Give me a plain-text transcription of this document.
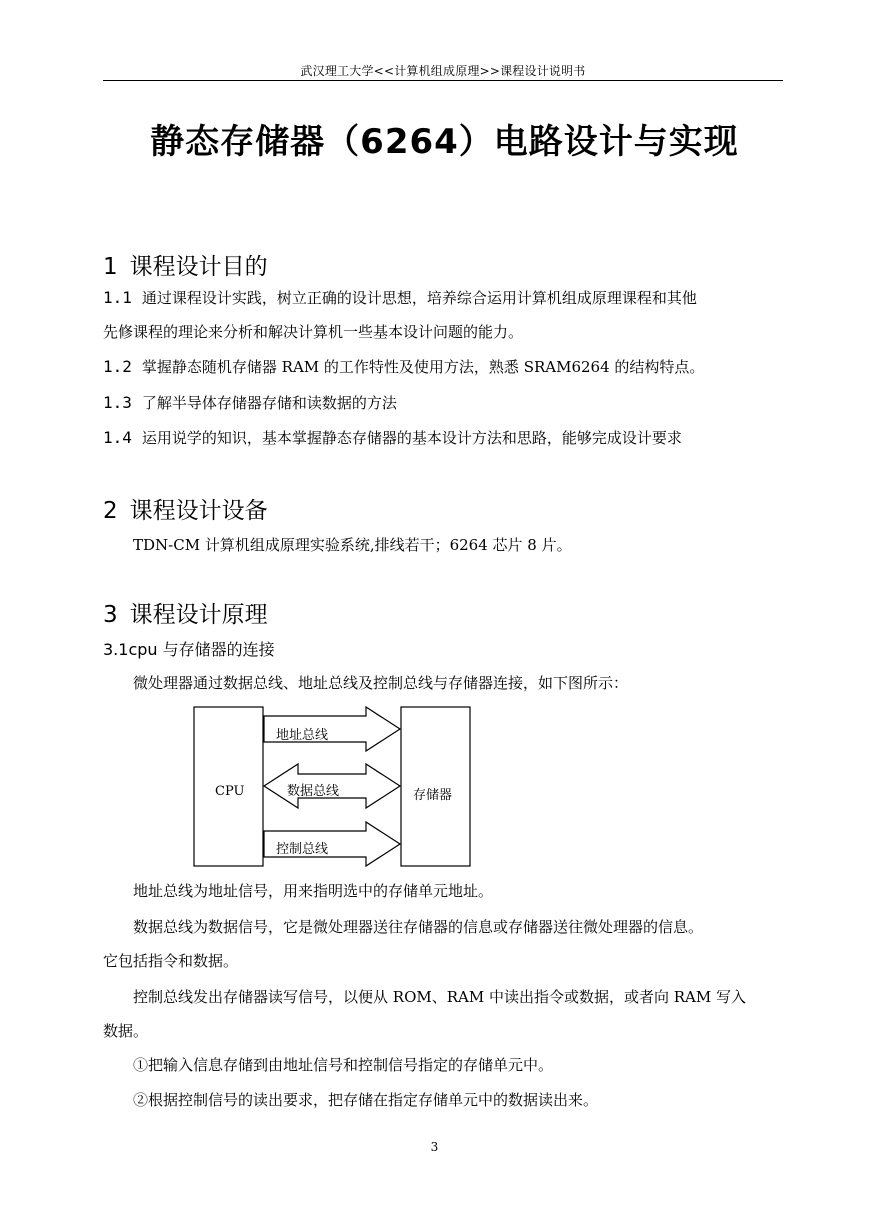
武汉理工大学<<计算机组成原理>>课程设计说明书
静态存储器（6264）电路设计与实现
1 课程设计目的
1.1 通过课程设计实践，树立正确的设计思想，培养综合运用计算机组成原理课程和其他
先修课程的理论来分析和解决计算机一些基本设计问题的能力。
1.2 掌握静态随机存储器 RAM 的工作特性及使用方法，熟悉 SRAM6264 的结构特点。
1.3 了解半导体存储器存储和读数据的方法
1.4 运用说学的知识，基本掌握静态存储器的基本设计方法和思路，能够完成设计要求
2 课程设计设备
TDN-CM 计算机组成原理实验系统,排线若干；6264 芯片 8 片。
3 课程设计原理
3.1cpu 与存储器的连接
微处理器通过数据总线、地址总线及控制总线与存储器连接，如下图所示：
CPU	存储器
地址总线
数据总线
控制总线
地址总线为地址信号，用来指明选中的存储单元地址。
数据总线为数据信号，它是微处理器送往存储器的信息或存储器送往微处理器的信息。
它包括指令和数据。
控制总线发出存储器读写信号，以便从 ROM、RAM 中读出指令或数据，或者向 RAM 写入
数据。
①把输入信息存储到由地址信号和控制信号指定的存储单元中。
②根据控制信号的读出要求，把存储在指定存储单元中的数据读出来。
3
